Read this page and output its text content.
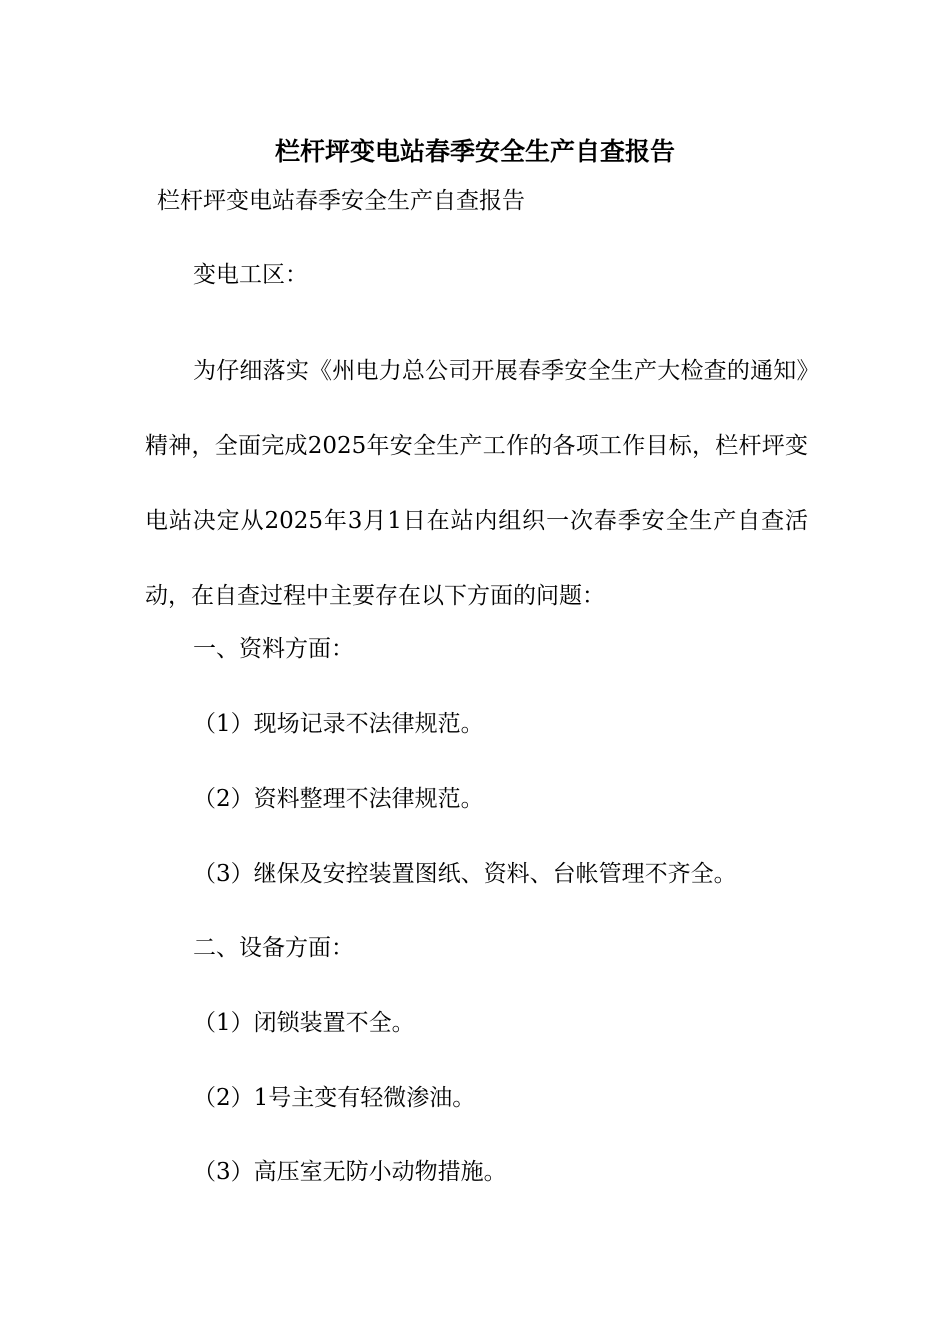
栏杆坪变电站春季安全生产自查报告

栏杆坪变电站春季安全生产自查报告

变电工区：

为仔细落实《州电力总公司开展春季安全生产大检查的通知》精神，全面完成2025年安全生产工作的各项工作目标，栏杆坪变电站决定从2025年3月1日在站内组织一次春季安全生产自查活动，在自查过程中主要存在以下方面的问题：

一、资料方面：

（1）现场记录不法律规范。

（2）资料整理不法律规范。

（3）继保及安控装置图纸、资料、台帐管理不齐全。

二、设备方面：

（1）闭锁装置不全。

（2）1号主变有轻微渗油。

（3）高压室无防小动物措施。
